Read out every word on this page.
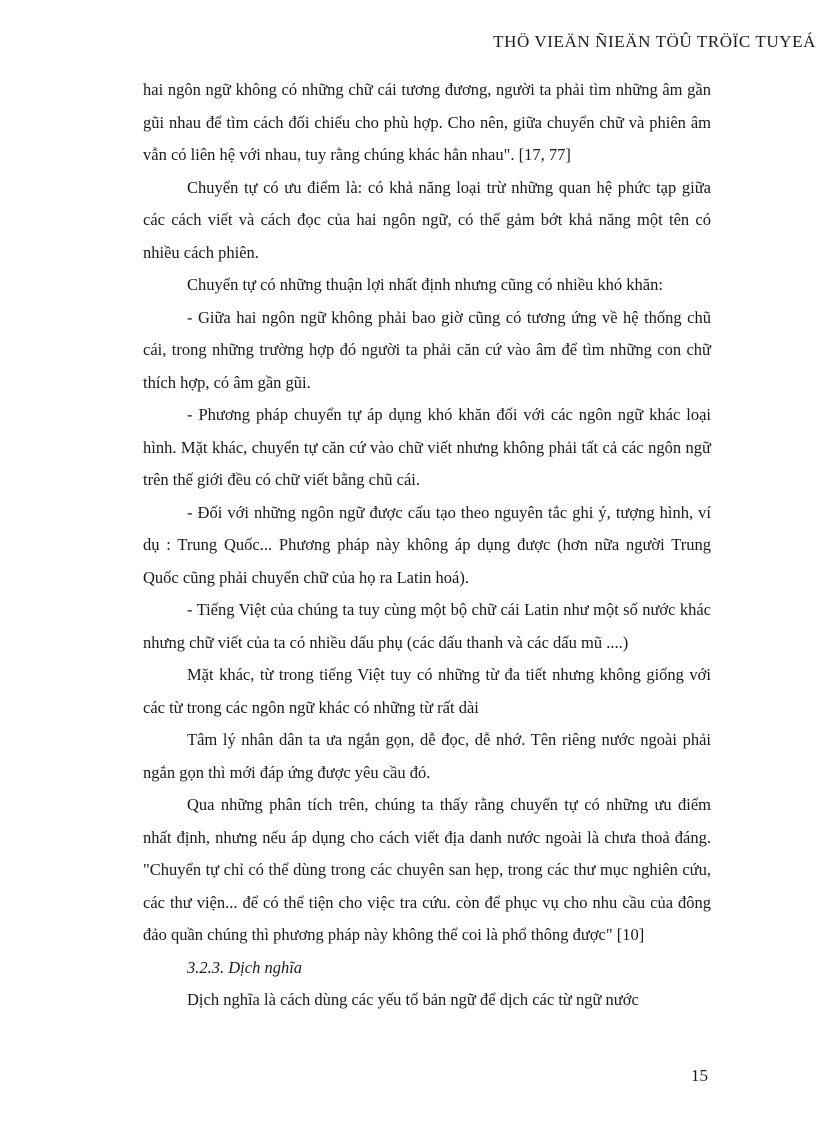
THÖ VIEÄN ÑIEÄN TÖÛ TRÖÏC TUYEÁ

hai ngôn ngữ không có những chữ cái tương đương, người ta phải tìm những âm gần gũi nhau để tìm cách đối chiếu cho phù hợp. Cho nên, giữa chuyển chữ và phiên âm vẫn có liên hệ với nhau, tuy rằng chúng khác hẳn nhau". [17, 77]

Chuyển tự có ưu điểm là: có khả năng loại trừ những quan hệ phức tạp giữa các cách viết và cách đọc của hai ngôn ngữ, có thể gảm bớt khả năng một tên có nhiều cách phiên.

Chuyển tự có những thuận lợi nhất định nhưng cũng có nhiều khó khăn:

- Giữa hai ngôn ngữ không phải bao giờ cũng có tương ứng về hệ thống chũ cái, trong những trường hợp đó người ta phải căn cứ vào âm để tìm những con chữ thích hợp, có âm gần gũi.

- Phương pháp chuyển tự áp dụng khó khăn đối với các ngôn ngữ khác loại hình. Mặt khác, chuyển tự căn cứ vào chữ viết nhưng không phải tất cả các ngôn ngữ trên thế giới đều có chữ viết bằng chũ cái.

- Đối với những ngôn ngữ được cấu tạo theo nguyên tắc ghi ý, tượng hình, ví dụ : Trung Quốc... Phương pháp này không áp dụng được (hơn nữa người Trung Quốc cũng phải chuyển chữ của họ ra Latin hoá).

- Tiếng Việt của chúng ta tuy cùng một bộ chữ cái Latin như một số nước khác nhưng chữ viết của ta có nhiều dấu phụ (các dấu thanh và các dấu mũ ....)

Mặt khác, từ trong tiếng Việt tuy có những từ đa tiết nhưng không giống với các từ trong các ngôn ngữ khác có những từ rất dài

Tâm lý nhân dân ta ưa ngắn gọn, dễ đọc, dễ nhớ. Tên riêng nước ngoài phải ngắn gọn thì mới đáp ứng được yêu cầu đó.

Qua những phân tích trên, chúng ta thấy rằng chuyển tự có những ưu điểm nhất định, nhưng nếu áp dụng cho cách viết địa danh nước ngoài là chưa thoả đáng. "Chuyển tự chỉ có thể dùng trong các chuyên san hẹp, trong các thư mục nghiên cứu, các thư viện... để có thể tiện cho việc tra cứu. còn để phục vụ cho nhu cầu của đông đảo quần chúng thì phương pháp này không thể coi là phổ thông được" [10]

3.2.3. Dịch nghĩa

Dịch nghĩa là cách dùng các yếu tố bản ngữ để dịch các từ ngữ nước

15
